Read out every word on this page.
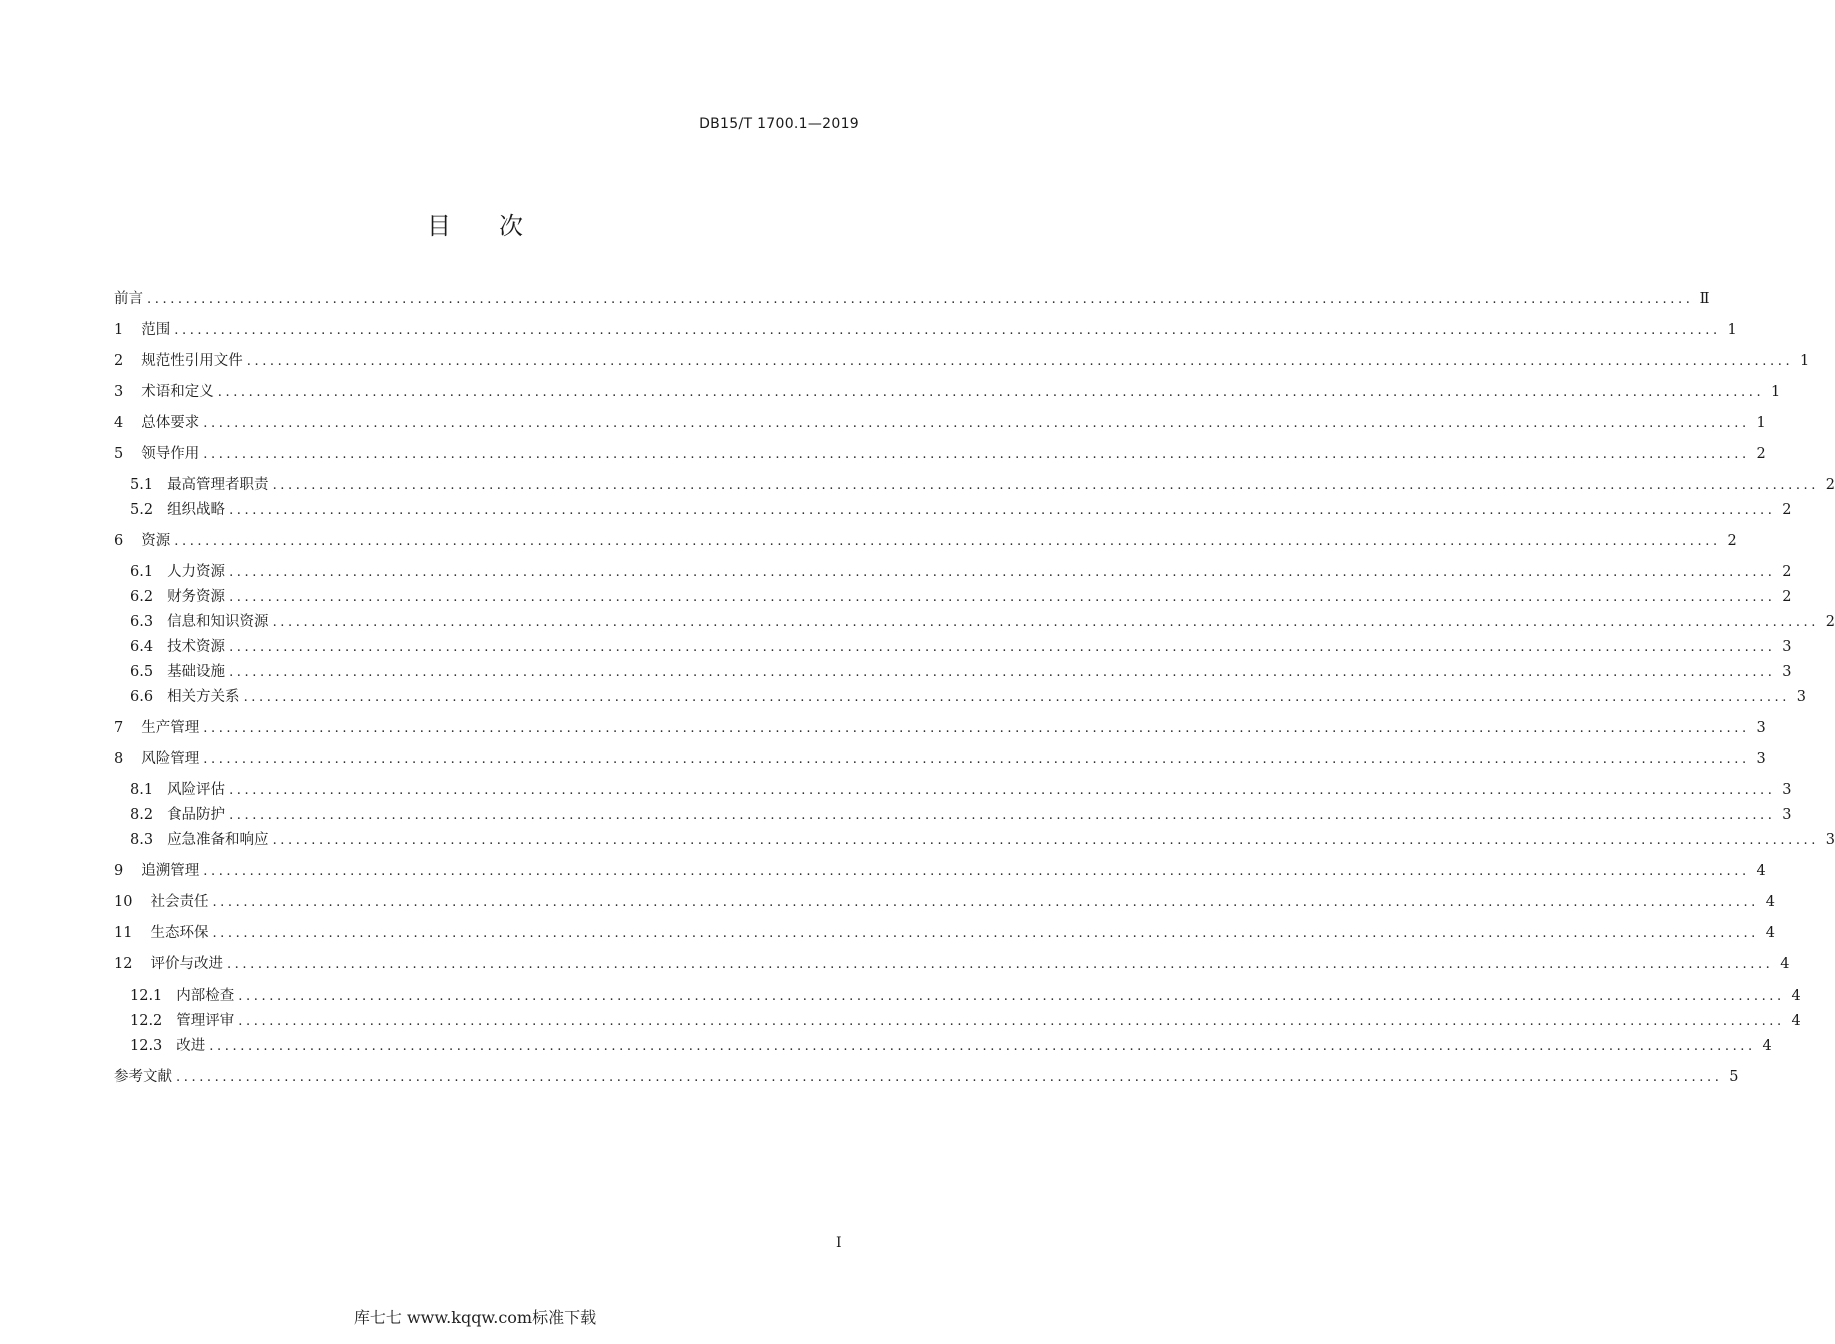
DB15/T 1700.1—2019
目次
前言 ........................................................................................................................................................................................................ Ⅱ
1 范围 ........................................................................................................................................................................................................ 1
2 规范性引用文件 ........................................................................................................................................................................................................ 1
3 术语和定义 ........................................................................................................................................................................................................ 1
4 总体要求 ........................................................................................................................................................................................................ 1
5 领导作用 ........................................................................................................................................................................................................ 2
5.1 最高管理者职责 ........................................................................................................................................................................................................ 2
5.2 组织战略 ........................................................................................................................................................................................................ 2
6 资源 ........................................................................................................................................................................................................ 2
6.1 人力资源 ........................................................................................................................................................................................................ 2
6.2 财务资源 ........................................................................................................................................................................................................ 2
6.3 信息和知识资源 ........................................................................................................................................................................................................ 2
6.4 技术资源 ........................................................................................................................................................................................................ 3
6.5 基础设施 ........................................................................................................................................................................................................ 3
6.6 相关方关系 ........................................................................................................................................................................................................ 3
7 生产管理 ........................................................................................................................................................................................................ 3
8 风险管理 ........................................................................................................................................................................................................ 3
8.1 风险评估 ........................................................................................................................................................................................................ 3
8.2 食品防护 ........................................................................................................................................................................................................ 3
8.3 应急准备和响应 ........................................................................................................................................................................................................ 3
9 追溯管理 ........................................................................................................................................................................................................ 4
10 社会责任 ........................................................................................................................................................................................................ 4
11 生态环保 ........................................................................................................................................................................................................ 4
12 评价与改进 ........................................................................................................................................................................................................ 4
12.1 内部检查 ........................................................................................................................................................................................................ 4
12.2 管理评审 ........................................................................................................................................................................................................ 4
12.3 改进 ........................................................................................................................................................................................................ 4
参考文献 ........................................................................................................................................................................................................ 5
I
库七七 www.kqqw.com标准下载
